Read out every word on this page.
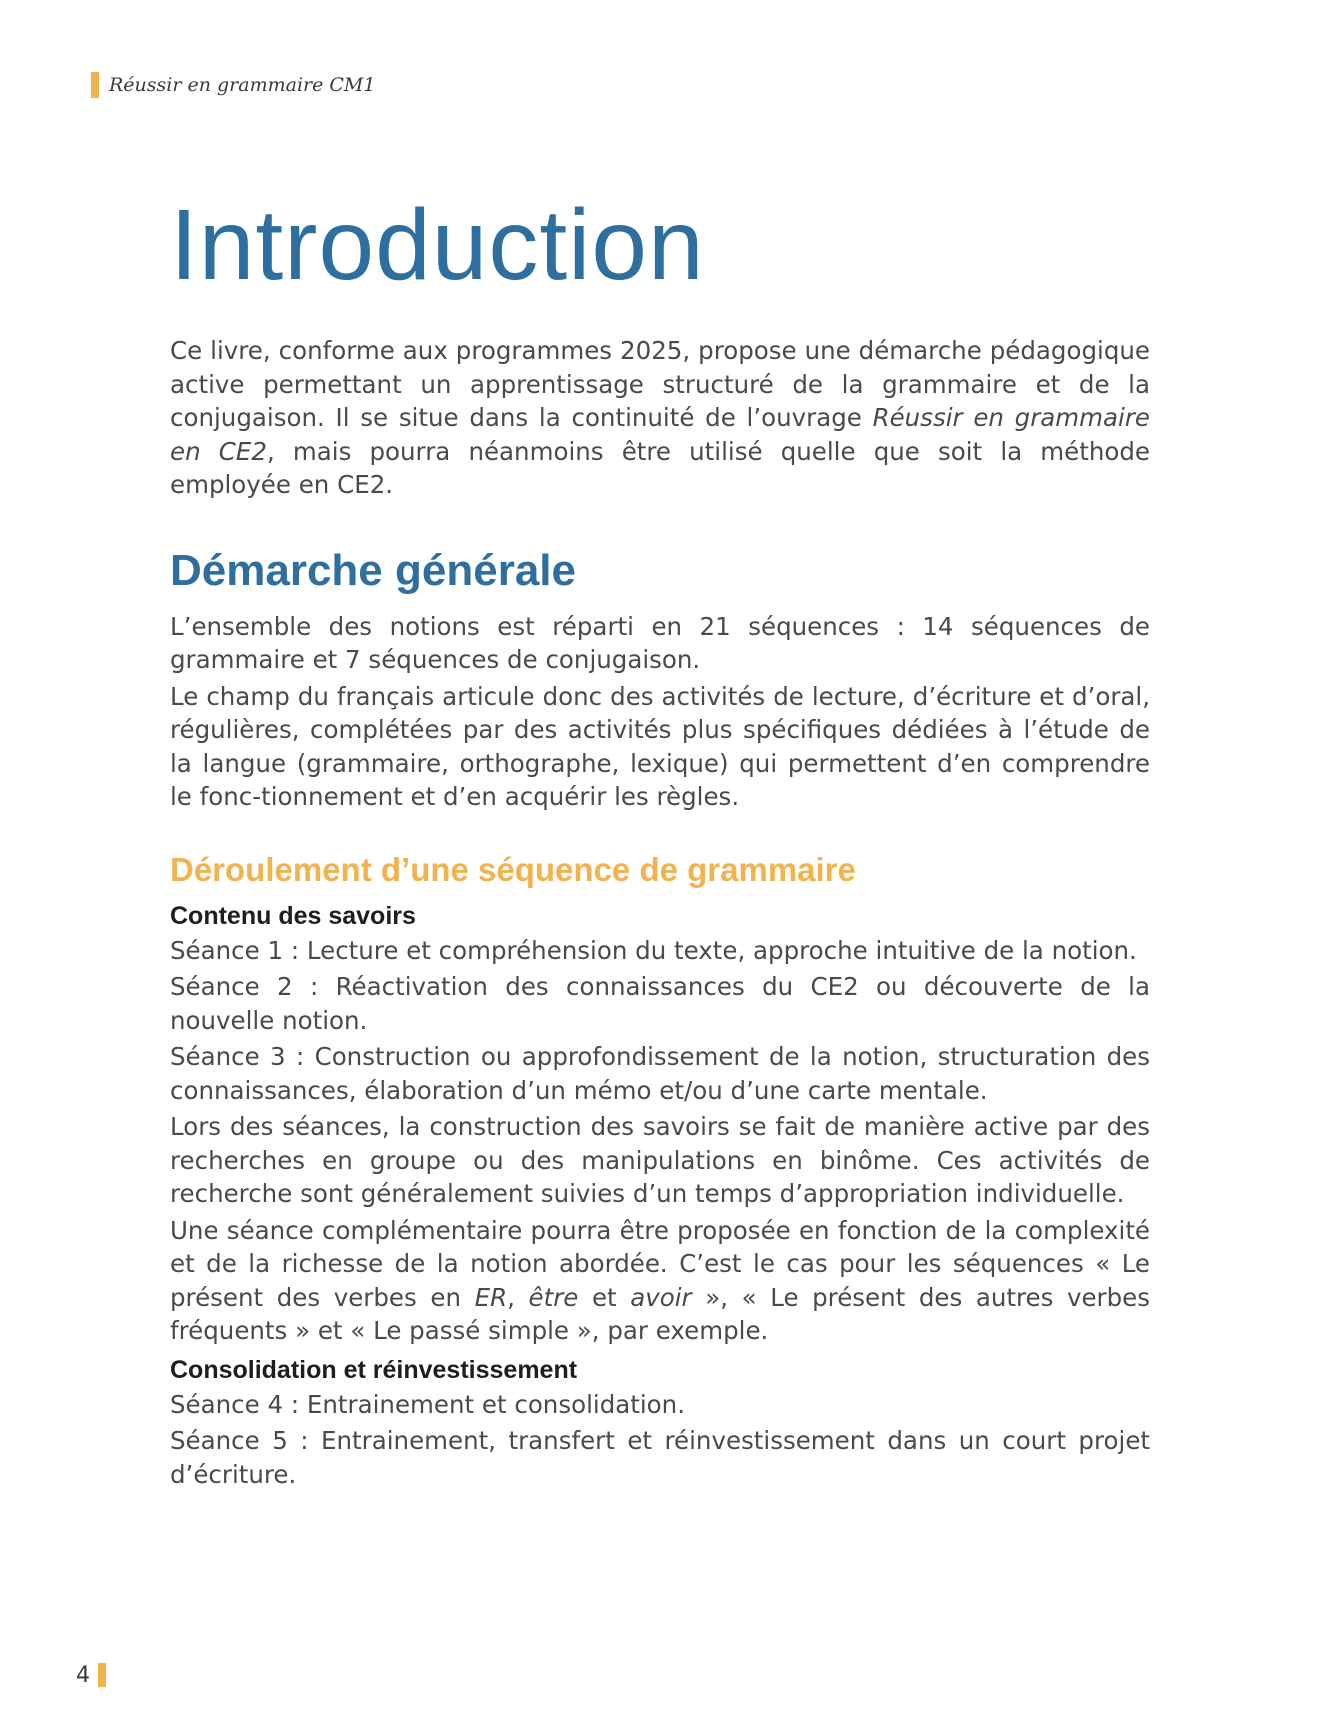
Réussir en grammaire CM1
Introduction

Ce livre, conforme aux programmes 2025, propose une démarche pédagogique active permettant un apprentissage structuré de la grammaire et de la conjugaison. Il se situe dans la continuité de l’ouvrage Réussir en grammaire en CE2, mais pourra néanmoins être utilisé quelle que soit la méthode employée en CE2.

Démarche générale

L’ensemble des notions est réparti en 21 séquences : 14 séquences de grammaire et 7 séquences de conjugaison.

Le champ du français articule donc des activités de lecture, d’écriture et d’oral, régulières, complétées par des activités plus spécifiques dédiées à l’étude de la langue (grammaire, orthographe, lexique) qui permettent d’en comprendre le fonc-tionnement et d’en acquérir les règles.

Déroulement d’une séquence de grammaire
Contenu des savoirs

Séance 1 : Lecture et compréhension du texte, approche intuitive de la notion.

Séance 2 : Réactivation des connaissances du CE2 ou découverte de la nouvelle notion.

Séance 3 : Construction ou approfondissement de la notion, structuration des connaissances, élaboration d’un mémo et/ou d’une carte mentale.

Lors des séances, la construction des savoirs se fait de manière active par des recherches en groupe ou des manipulations en binôme. Ces activités de recherche sont généralement suivies d’un temps d’appropriation individuelle.

Une séance complémentaire pourra être proposée en fonction de la complexité et de la richesse de la notion abordée. C’est le cas pour les séquences « Le présent des verbes en ER, être et avoir », « Le présent des autres verbes fréquents » et « Le passé simple », par exemple.

Consolidation et réinvestissement

Séance 4 : Entrainement et consolidation.

Séance 5 : Entrainement, transfert et réinvestissement dans un court projet d’écriture.

4
